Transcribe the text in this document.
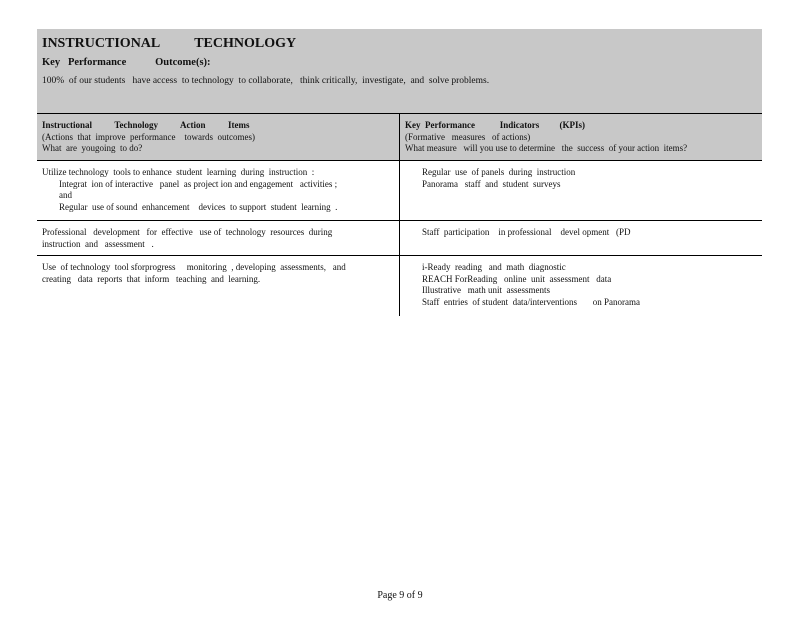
INSTRUCTIONAL          TECHNOLOGY
Key   Performance           Outcome(s):
100%  of our students   have access  to technology  to collaborate,   think critically,  investigate,  and  solve problems.
Instructional          Technology          Action          Items
(Actions  that  improve  performance    towards  outcomes)
What  are  yougoing  to do?
Key  Performance           Indicators         (KPIs)
(Formative   measures   of actions)
What measure   will you use to determine   the  success  of your action  items?
Utilize technology  tools to enhance  student  learning  during  instruction  :
Integrat  ion of interactive   panel  as project ion and engagement   activities ;
and
Regular  use of sound  enhancement    devices  to support  student  learning  .
Regular  use  of panels  during  instruction
Panorama   staff  and  student  surveys
Professional   development   for  effective   use of  technology  resources  during
instruction  and   assessment   .
Staff  participation    in professional    devel opment   (PD
Use  of technology  tool sforprogress     monitoring  , developing  assessments,   and
creating   data  reports  that  inform   teaching  and  learning.
i-Ready  reading   and  math  diagnostic
REACH ForReading   online  unit  assessment   data
Illustrative   math unit  assessments
Staff  entries  of student  data/interventions       on Panorama
Page 9 of 9
